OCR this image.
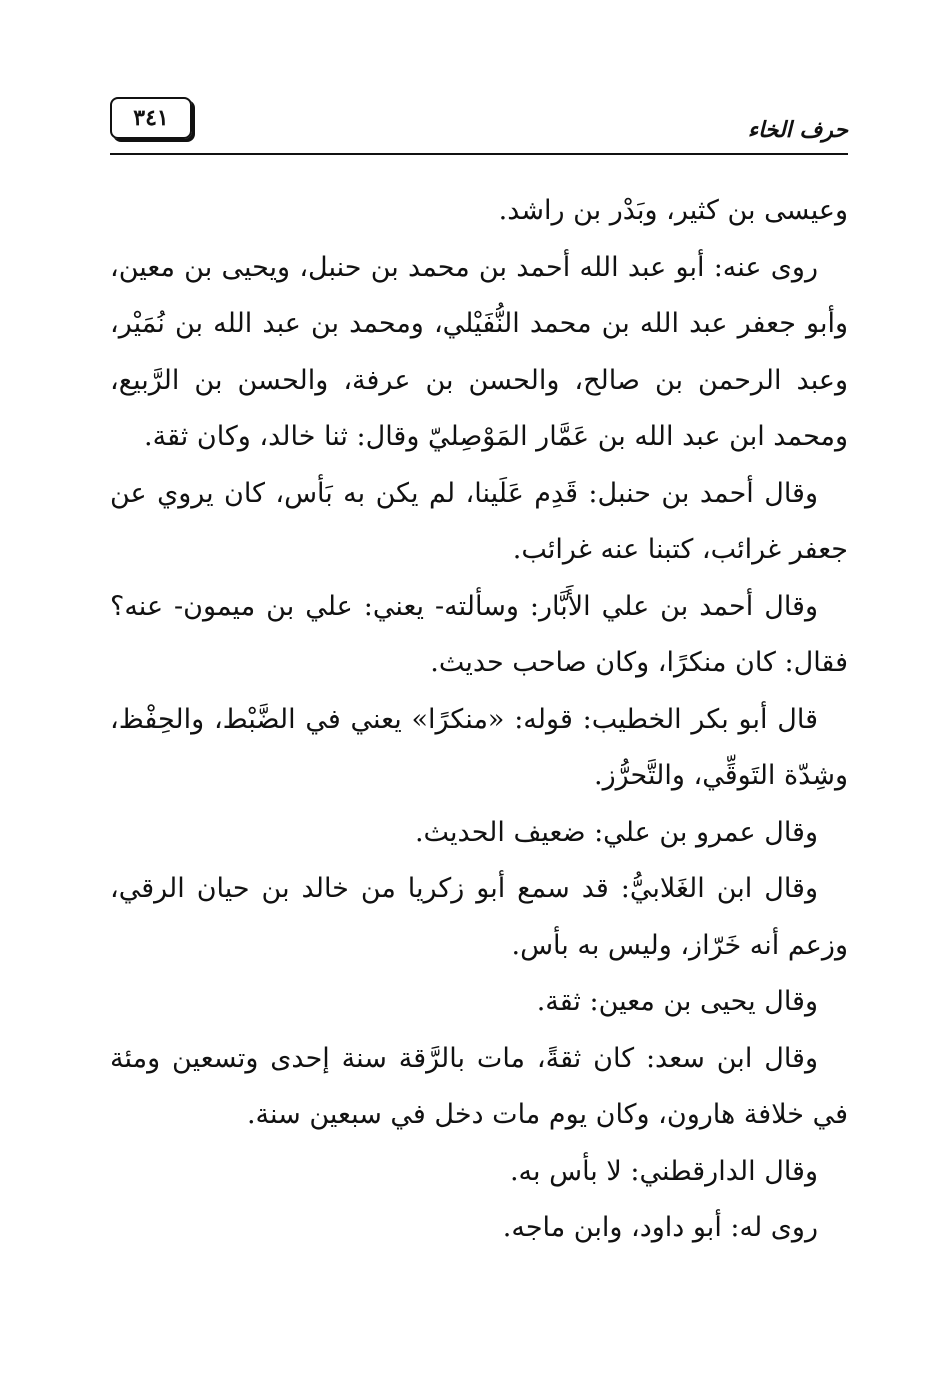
حرف الخاء
٣٤١

وعيسى بن كثير، وبَدْر بن راشد.

روى عنه: أبو عبد الله أحمد بن محمد بن حنبل، ويحيى بن معين، وأبو جعفر عبد الله بن محمد النُّفَيْلي، ومحمد بن عبد الله بن نُمَيْر، وعبد الرحمن بن صالح، والحسن بن عرفة، والحسن بن الرَّبيع، ومحمد ابن عبد الله بن عَمَّار المَوْصِليّ وقال: ثنا خالد، وكان ثقة.

وقال أحمد بن حنبل: قَدِم عَلَينا، لم يكن به بَأس، كان يروي عن جعفر غرائب، كتبنا عنه غرائب.

وقال أحمد بن علي الأَبَّار: وسألته- يعني: علي بن ميمون- عنه؟ فقال: كان منكرًا، وكان صاحب حديث.

قال أبو بكر الخطيب: قوله: «منكرًا» يعني في الضَّبْط، والحِفْظ، وشِدّة التَوقِّي، والتَّحرُّز.

وقال عمرو بن علي: ضعيف الحديث.

وقال ابن الغَلابيُّ: قد سمع أبو زكريا من خالد بن حيان الرقي، وزعم أنه خَرّاز، وليس به بأس.

وقال يحيى بن معين: ثقة.

وقال ابن سعد: كان ثقةً، مات بالرَّقة سنة إحدى وتسعين ومئة في خلافة هارون، وكان يوم مات دخل في سبعين سنة.

وقال الدارقطني: لا بأس به.

روى له: أبو داود، وابن ماجه.
